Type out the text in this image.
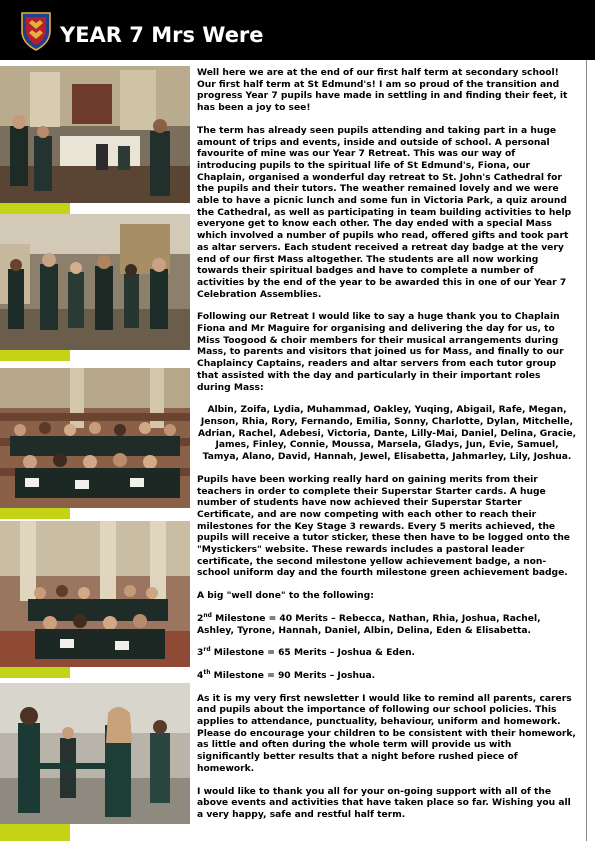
YEAR 7 Mrs Were

Well here we are at the end of our first half term at secondary school! Our first half term at St Edmund's! I am so proud of the transition and progress Year 7 pupils have made in settling in and finding their feet, it has been a joy to see!

The term has already seen pupils attending and taking part in a huge amount of trips and events, inside and outside of school. A personal favourite of mine was our Year 7 Retreat. This was our way of introducing pupils to the spiritual life of St Edmund's, Fiona, our Chaplain, organised a wonderful day retreat to St. John's Cathedral for the pupils and their tutors. The weather remained lovely and we were able to have a picnic lunch and some fun in Victoria Park, a quiz around the Cathedral, as well as participating in team building activities to help everyone get to know each other. The day ended with a special Mass which involved a number of pupils who read, offered gifts and took part as altar servers. Each student received a retreat day badge at the very end of our first Mass altogether. The students are all now working towards their spiritual badges and have to complete a number of activities by the end of the year to be awarded this in one of our Year 7 Celebration Assemblies.

Following our Retreat I would like to say a huge thank you to Chaplain Fiona and Mr Maguire for organising and delivering the day for us, to Miss Toogood & choir members for their musical arrangements during Mass, to parents and visitors that joined us for Mass, and finally to our Chaplaincy Captains, readers and altar servers from each tutor group that assisted with the day and particularly in their important roles during Mass:

Albin, Zoifa, Lydia, Muhammad, Oakley, Yuqing, Abigail, Rafe, Megan, Jenson, Rhia, Rory, Fernando, Emilia, Sonny, Charlotte, Dylan, Mitchelle, Adrian, Rachel, Adebesi, Victoria, Dante, Lilly-Mai, Daniel, Delina, Gracie, James, Finley, Connie, Moussa, Marsela, Gladys, Jun, Evie, Samuel, Tamya, Alano, David, Hannah, Jewel, Elisabetta, Jahmarley, Lily, Joshua.

Pupils have been working really hard on gaining merits from their teachers in order to complete their Superstar Starter cards. A huge number of students have now achieved their Superstar Starter Certificate, and are now competing with each other to reach their milestones for the Key Stage 3 rewards. Every 5 merits achieved, the pupils will receive a tutor sticker, these then have to be logged onto the "Mystickers" website. These rewards includes a pastoral leader certificate, the second milestone yellow achievement badge, a non-school uniform day and the fourth milestone green achievement badge.

A big "well done" to the following:

2nd Milestone = 40 Merits – Rebecca, Nathan, Rhia, Joshua, Rachel, Ashley, Tyrone, Hannah, Daniel, Albin, Delina, Eden & Elisabetta.

3rd Milestone = 65 Merits – Joshua & Eden.

4th Milestone = 90 Merits – Joshua.

As it is my very first newsletter I would like to remind all parents, carers and pupils about the importance of following our school policies. This applies to attendance, punctuality, behaviour, uniform and homework. Please do encourage your children to be consistent with their homework, as little and often during the whole term will provide us with significantly better results that a night before rushed piece of homework.

I would like to thank you all for your on-going support with all of the above events and activities that have taken place so far. Wishing you all a very happy, safe and restful half term.
